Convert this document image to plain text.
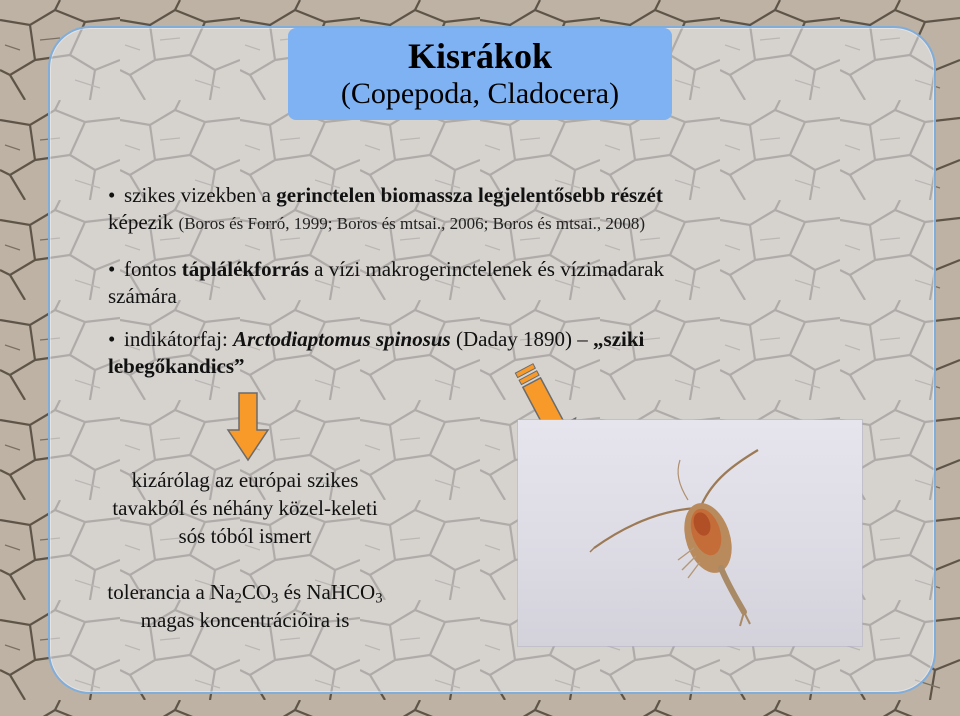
Kisrákok
(Copepoda, Cladocera)
• szikes vizekben a gerinctelen biomassza legjelentősebb részét
képezik (Boros és Forró, 1999; Boros és mtsai., 2006; Boros és mtsai., 2008)
• fontos táplálékforrás a vízi makrogerinctelenek és vízimadarak
számára
• indikátorfaj: Arctodiaptomus spinosus (Daday 1890) – „sziki
lebegőkandics”
kizárólag az európai szikes
tavakból és néhány közel-keleti
sós tóból ismert
tolerancia a $Na_2CO_3$ és NaHCO$_3$
magas koncentrációira is
